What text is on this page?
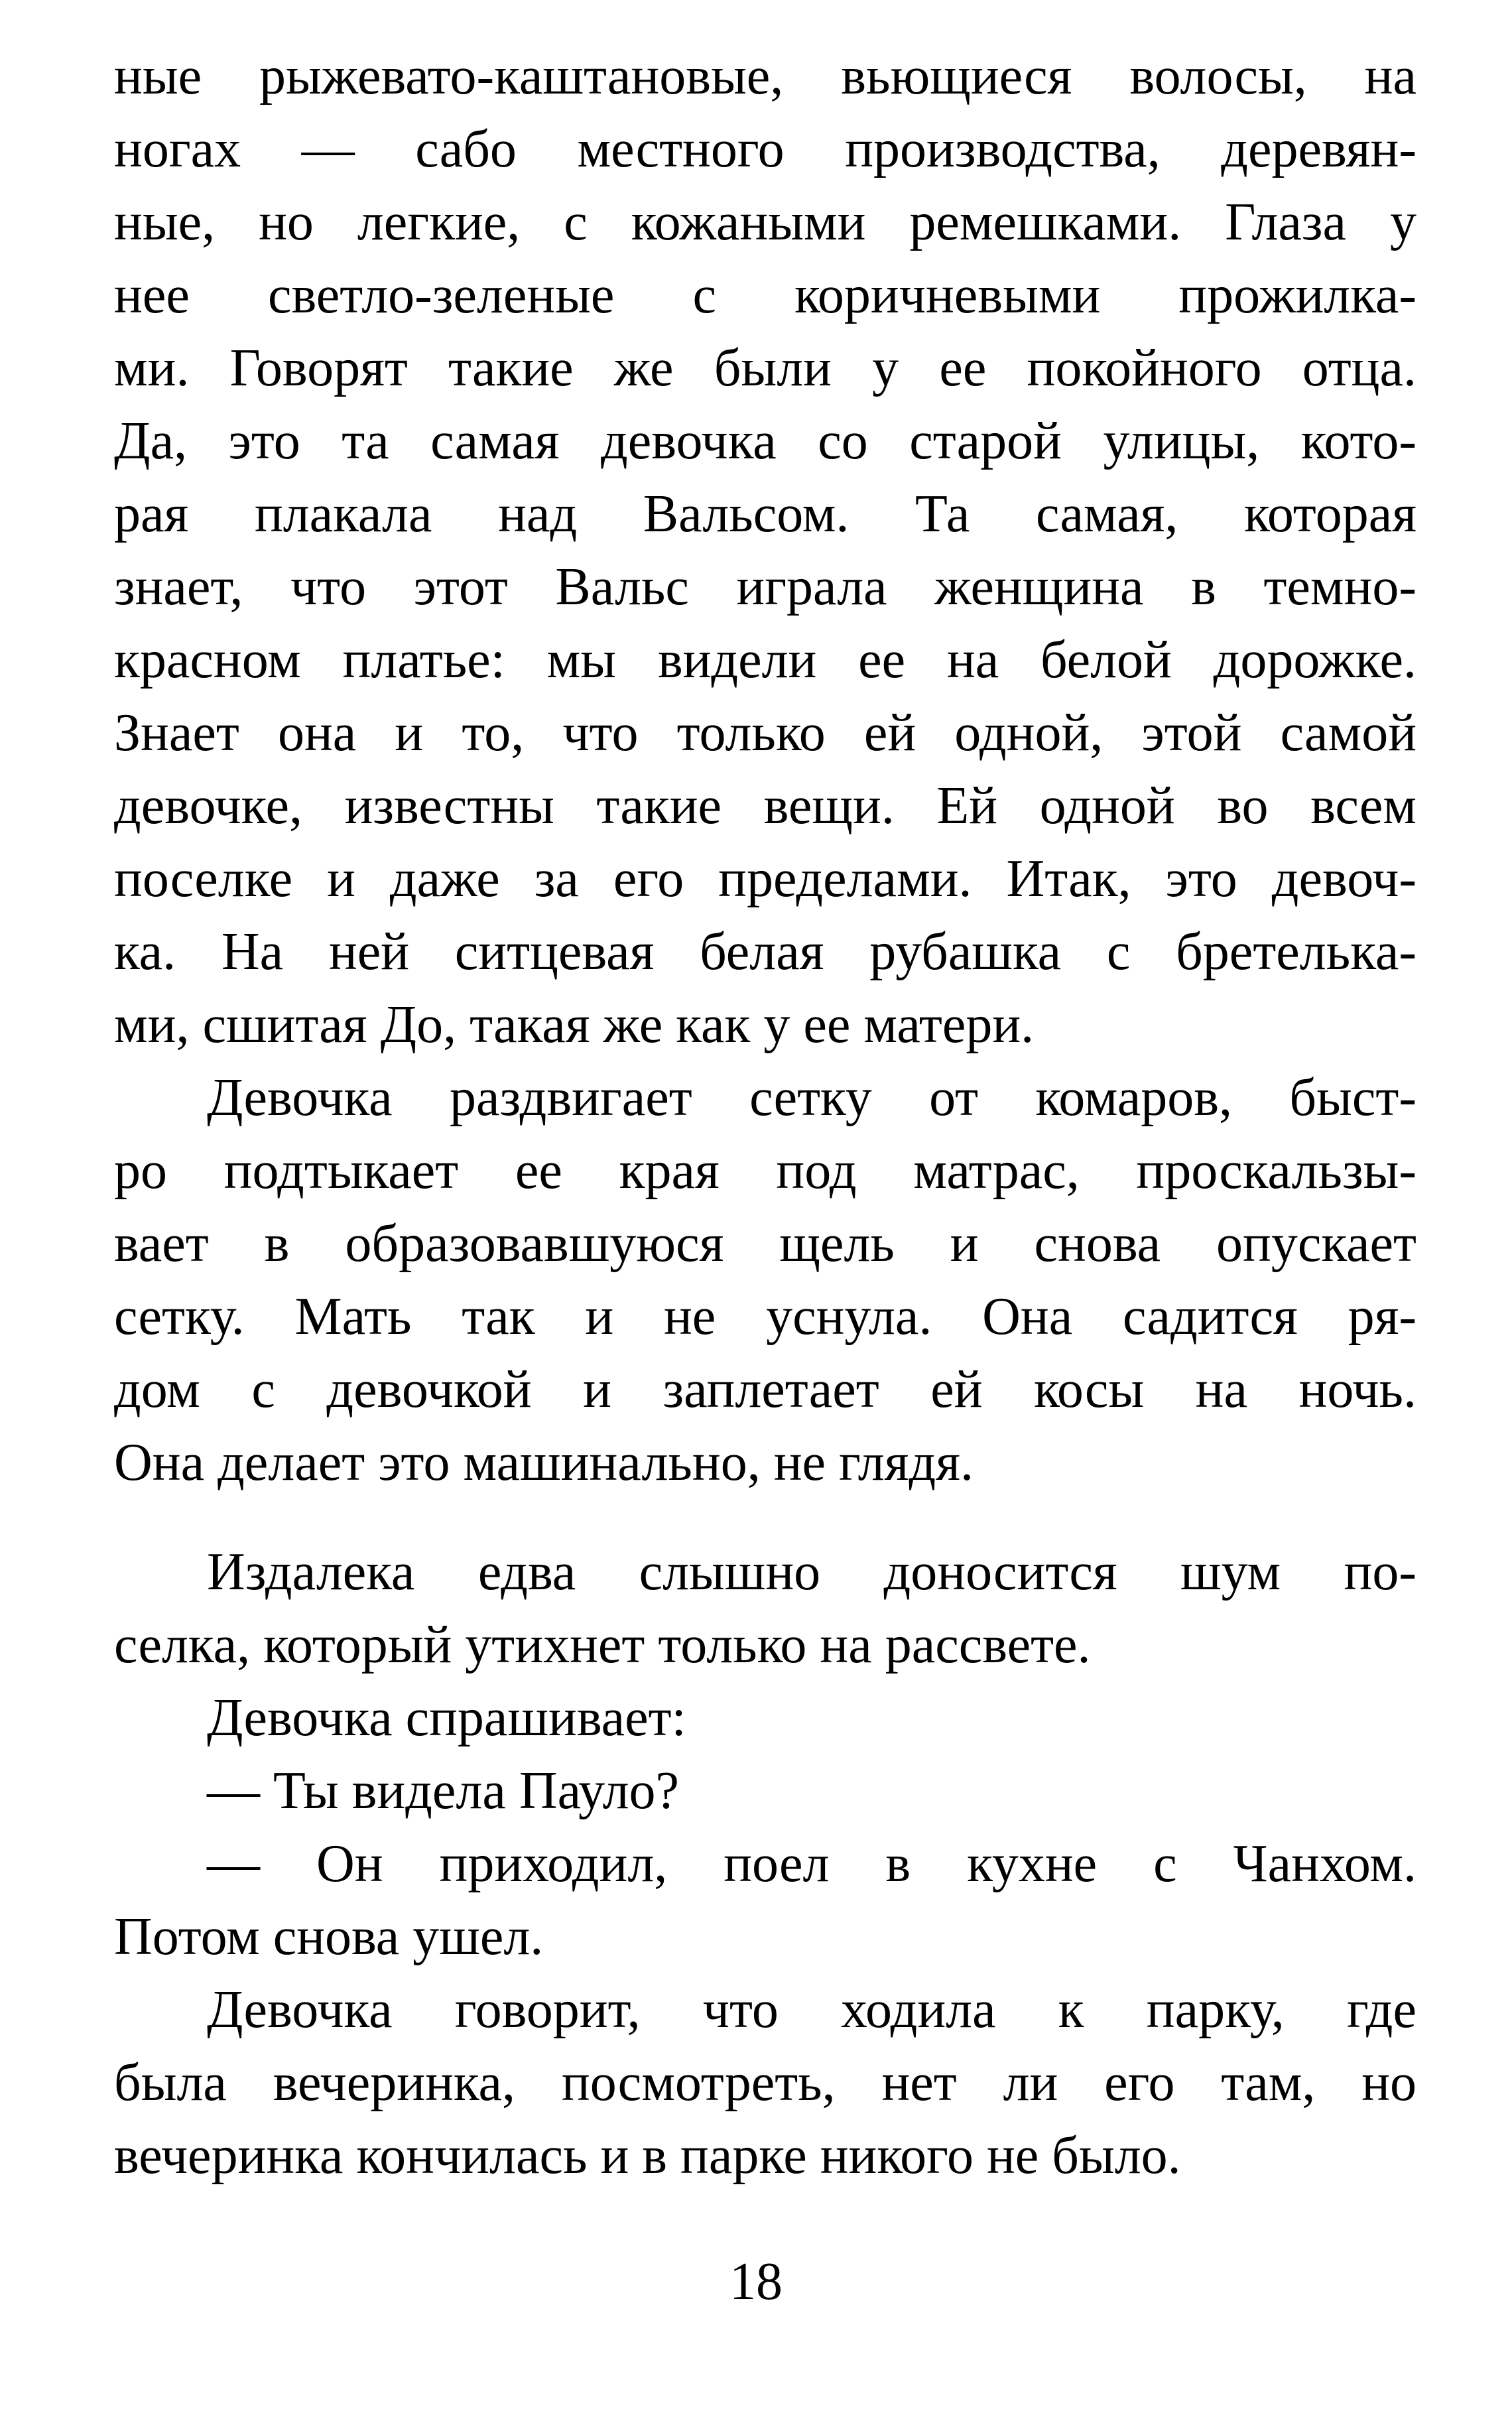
ные рыжевато-каштановые, вьющиеся волосы, на
ногах — сабо местного производства, деревян-
ные, но легкие, с кожаными ремешками. Глаза у
нее светло-зеленые с коричневыми прожилка-
ми. Говорят такие же были у ее покойного отца.
Да, это та самая девочка со старой улицы, кото-
рая плакала над Вальсом. Та самая, которая
знает, что этот Вальс играла женщина в темно-
красном платье: мы видели ее на белой дорожке.
Знает она и то, что только ей одной, этой самой
девочке, известны такие вещи. Ей одной во всем
поселке и даже за его пределами. Итак, это девоч-
ка. На ней ситцевая белая рубашка с бретелька-
ми, сшитая До, такая же как у ее матери.
Девочка раздвигает сетку от комаров, быст-
ро подтыкает ее края под матрас, проскальзы-
вает в образовавшуюся щель и снова опускает
сетку. Мать так и не уснула. Она садится ря-
дом с девочкой и заплетает ей косы на ночь.
Она делает это машинально, не глядя.
Издалека едва слышно доносится шум по-
селка, который утихнет только на рассвете.
Девочка спрашивает:
— Ты видела Пауло?
— Он приходил, поел в кухне с Чанхом.
Потом снова ушел.
Девочка говорит, что ходила к парку, где
была вечеринка, посмотреть, нет ли его там, но
вечеринка кончилась и в парке никого не было.
18
